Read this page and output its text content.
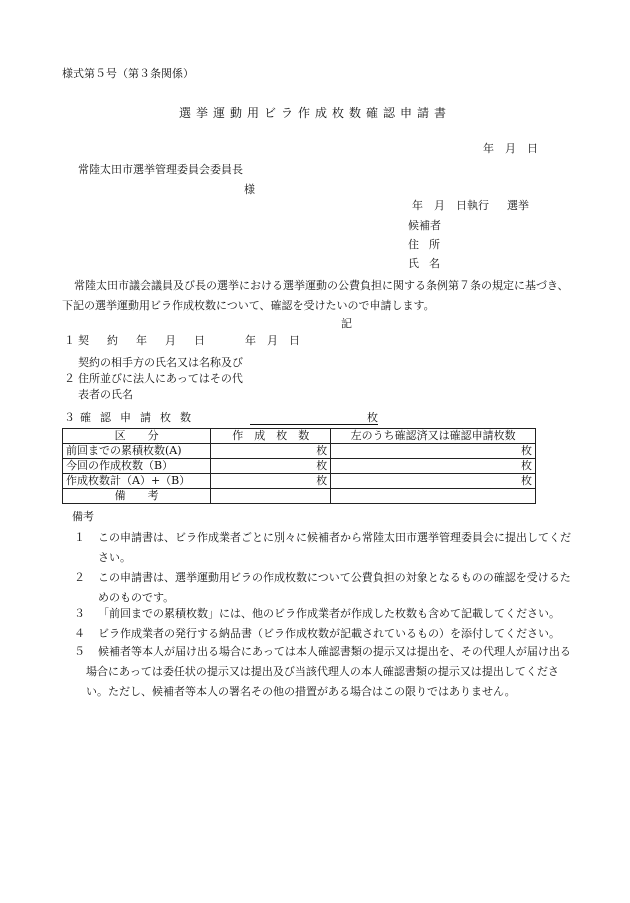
様式第５号（第３条関係）
選挙運動用ビラ作成枚数確認申請書
年　月　日
常陸太田市選挙管理委員会委員長
様
年　月　日執行 選挙
候補者
住所
氏名
常陸太田市議会議員及び長の選挙における選挙運動の公費負担に関する条例第７条の規定に基づき、下記の選挙運動用ビラ作成枚数について、確認を受けたいので申請します。
記
１ 契約年月日 年　月　日
２
契約の相手方の氏名又は名称及び住所並びに法人にあってはその代表者の氏名
３ 確認申請枚数	枚
区　　分	作　成　枚　数	左のうち確認済又は確認申請枚数
前回までの累積枚数(A)	枚	枚
今回の作成枚数（B）	枚	枚
作成枚数計（A）+（B）	枚	枚
備　　考		
備考
１ この申請書は、ビラ作成業者ごとに別々に候補者から常陸太田市選挙管理委員会に提出してください。
２ この申請書は、選挙運動用ビラの作成枚数について公費負担の対象となるものの確認を受けるためのものです。
３ 「前回までの累積枚数」には、他のビラ作成業者が作成した枚数も含めて記載してください。
４ ビラ作成業者の発行する納品書（ビラ作成枚数が記載されているもの）を添付してください。
５	候補者等本人が届け出る場合にあっては本人確認書類の提示又は提出を、その代理人が届け出る場合にあっては委任状の提示又は提出及び当該代理人の本人確認書類の提示又は提出してください。ただし、候補者等本人の署名その他の措置がある場合はこの限りではありません。
